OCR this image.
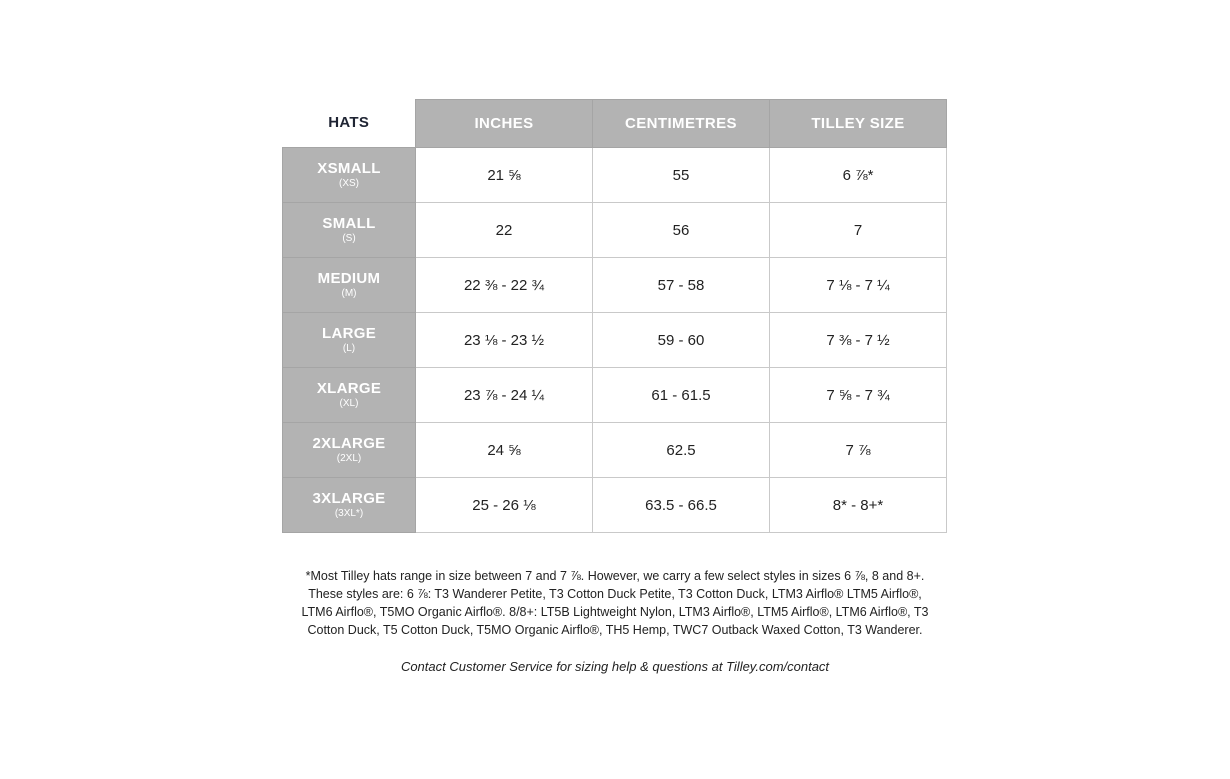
HATS	INCHES	CENTIMETRES	TILLEY SIZE

XSMALL
(XS)	21 ⅝	55	6 ⅞*

SMALL
(S)	22	56	7

MEDIUM
(M)	22 ⅜ - 22 ¾	57 - 58	7 ⅛ - 7 ¼

LARGE
(L)	23 ⅛ - 23 ½	59 - 60	7 ⅜ - 7 ½

XLARGE
(XL)	23 ⅞ - 24 ¼	61 - 61.5	7 ⅝ - 7 ¾

2XLARGE
(2XL)	24 ⅝	62.5	7 ⅞

3XLARGE
(3XL*)	25 - 26 ⅛	63.5 - 66.5	8* - 8+*
*Most Tilley hats range in size between 7 and 7 ⅞. However, we carry a few select styles in sizes 6 ⅞, 8 and 8+.
These styles are: 6 ⅞: T3 Wanderer Petite, T3 Cotton Duck Petite, T3 Cotton Duck, LTM3 Airflo® LTM5 Airflo®,
LTM6 Airflo®, T5MO Organic Airflo®. 8/8+: LT5B Lightweight Nylon, LTM3 Airflo®, LTM5 Airflo®, LTM6 Airflo®, T3
Cotton Duck, T5 Cotton Duck, T5MO Organic Airflo®, TH5 Hemp, TWC7 Outback Waxed Cotton, T3 Wanderer.
Contact Customer Service for sizing help & questions at Tilley.com/contact
